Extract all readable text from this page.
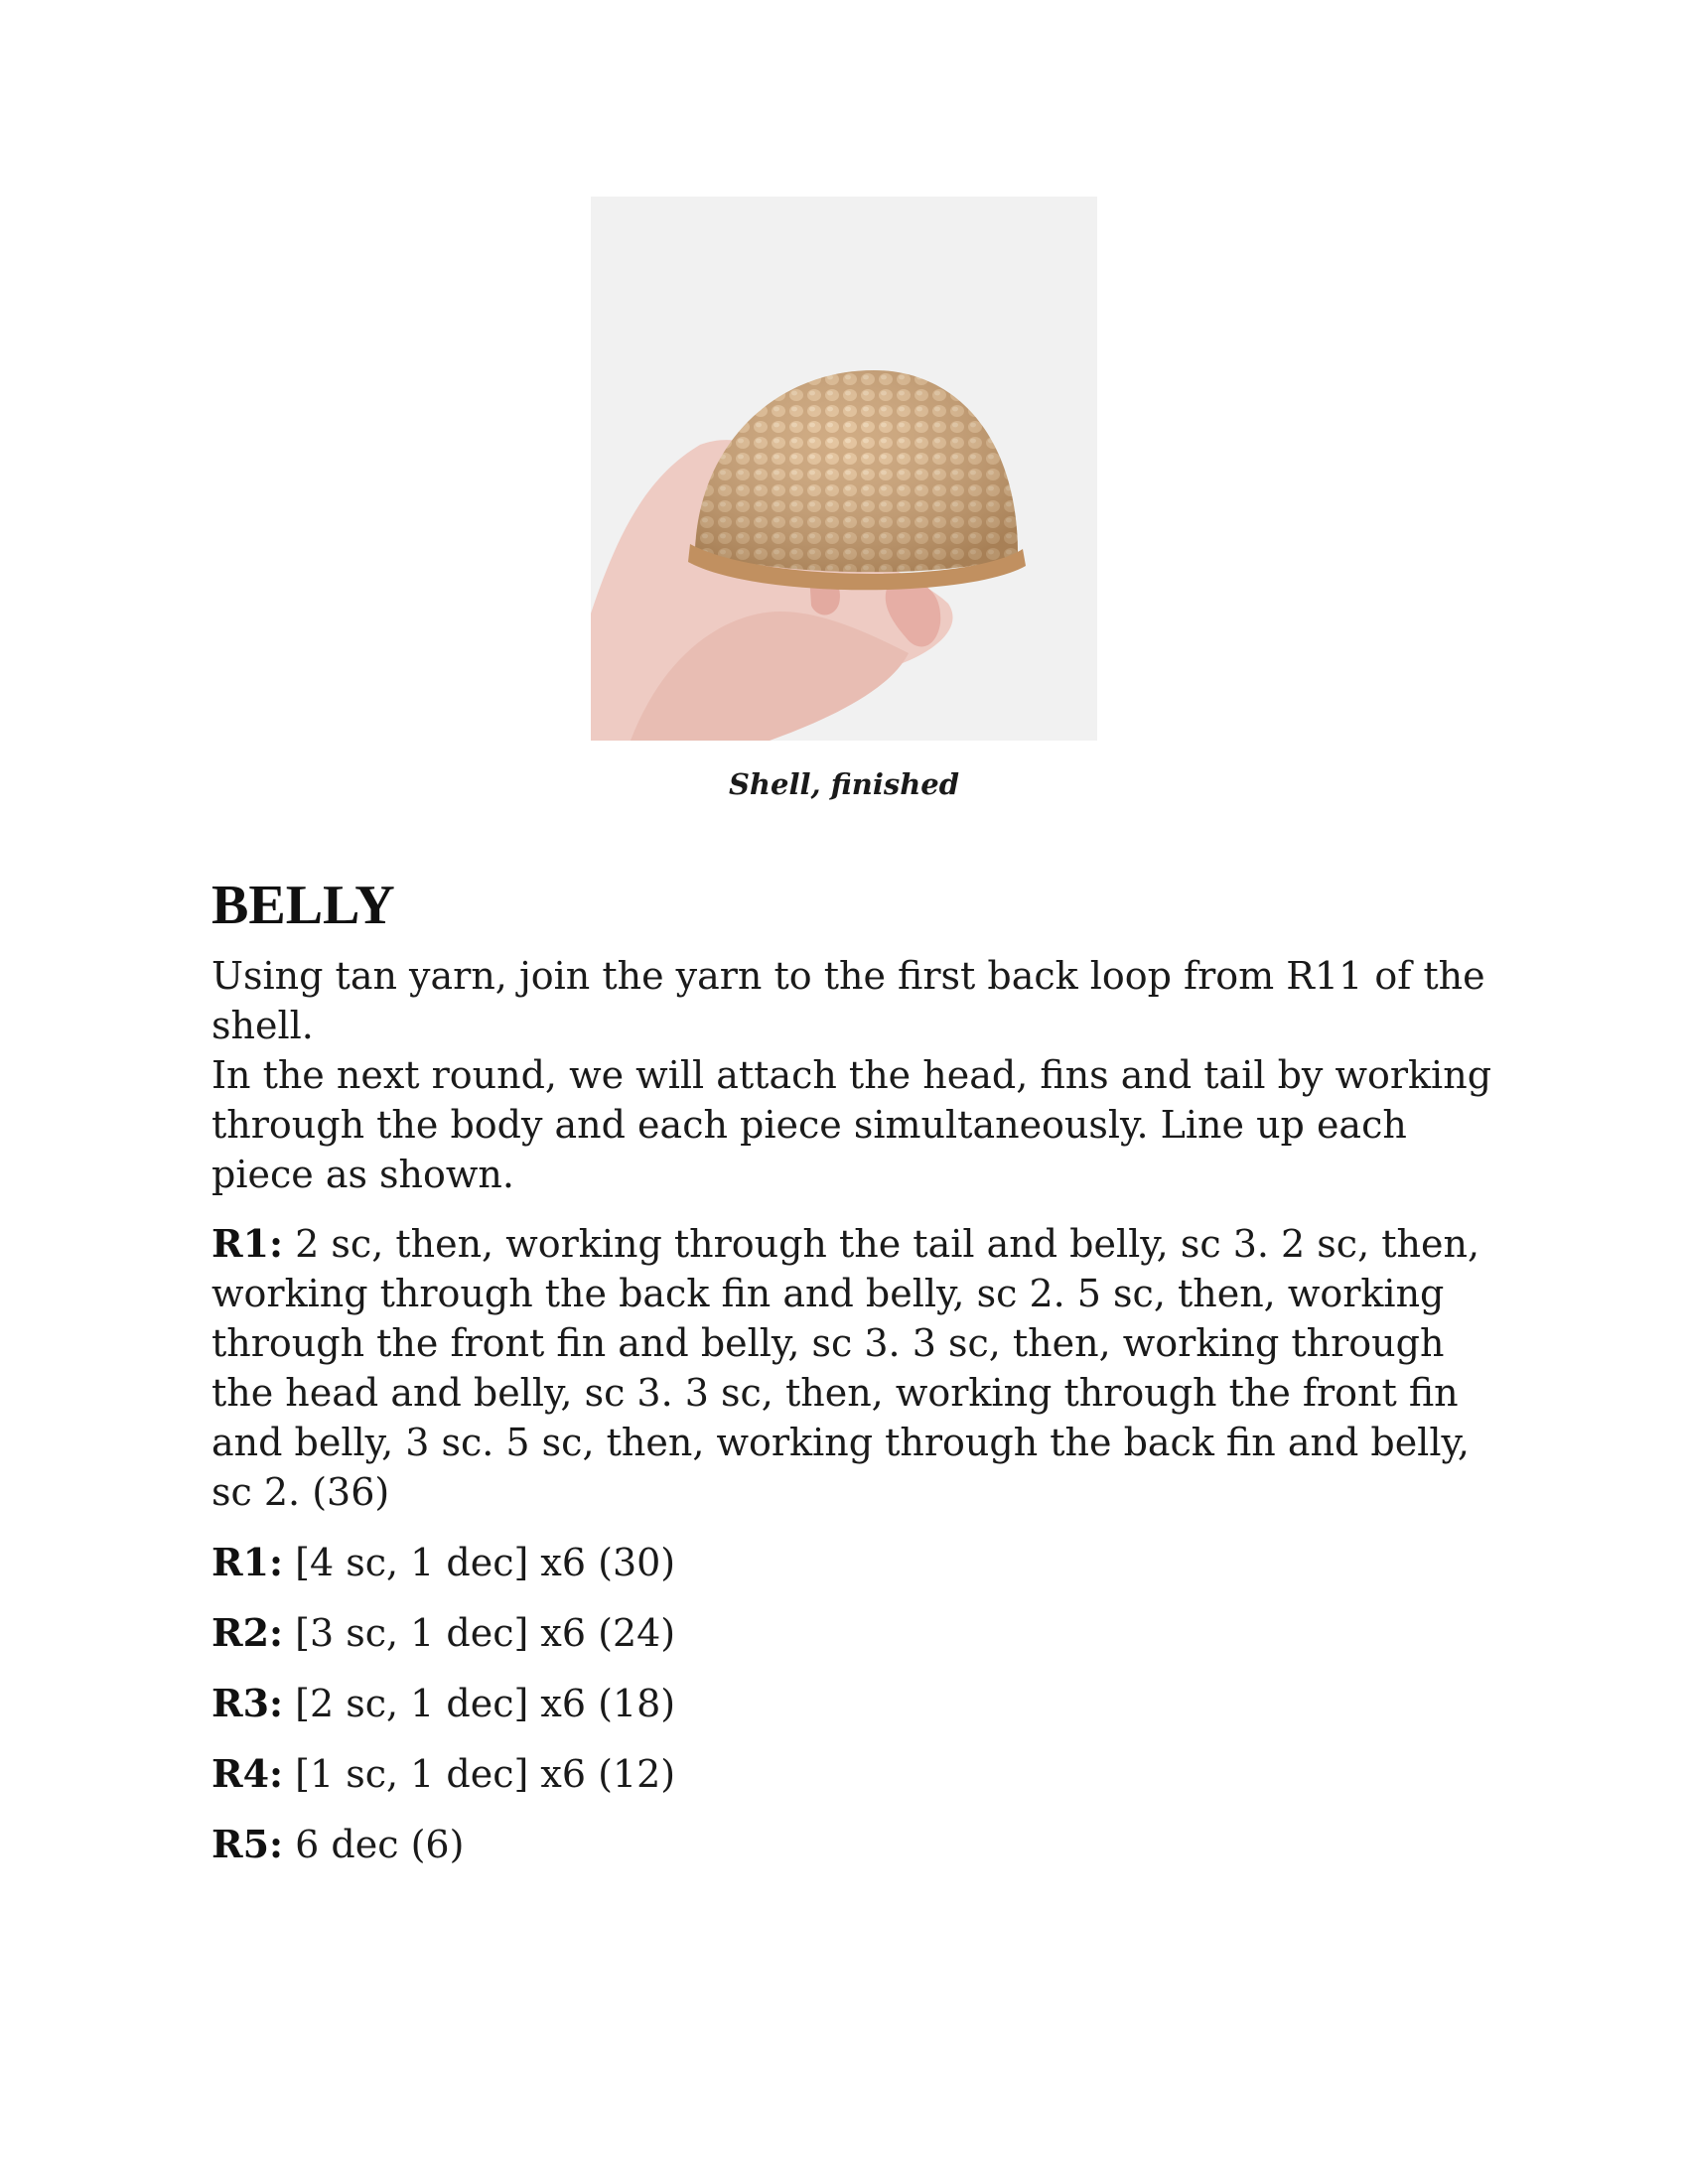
Shell, finished
BELLY

Using tan yarn, join the yarn to the first back loop from R11 of the shell.

In the next round, we will attach the head, fins and tail by working through the body and each piece simultaneously. Line up each piece as shown.

R1: 2 sc, then, working through the tail and belly, sc 3. 2 sc, then, working through the back fin and belly, sc 2. 5 sc, then, working through the front fin and belly, sc 3. 3 sc, then, working through the head and belly, sc 3. 3 sc, then, working through the front fin and belly, 3 sc. 5 sc, then, working through the back fin and belly, sc 2. (36)

R1: [4 sc, 1 dec] x6 (30)

R2: [3 sc, 1 dec] x6 (24)

R3: [2 sc, 1 dec] x6 (18)

R4: [1 sc, 1 dec] x6 (12)

R5: 6 dec (6)
